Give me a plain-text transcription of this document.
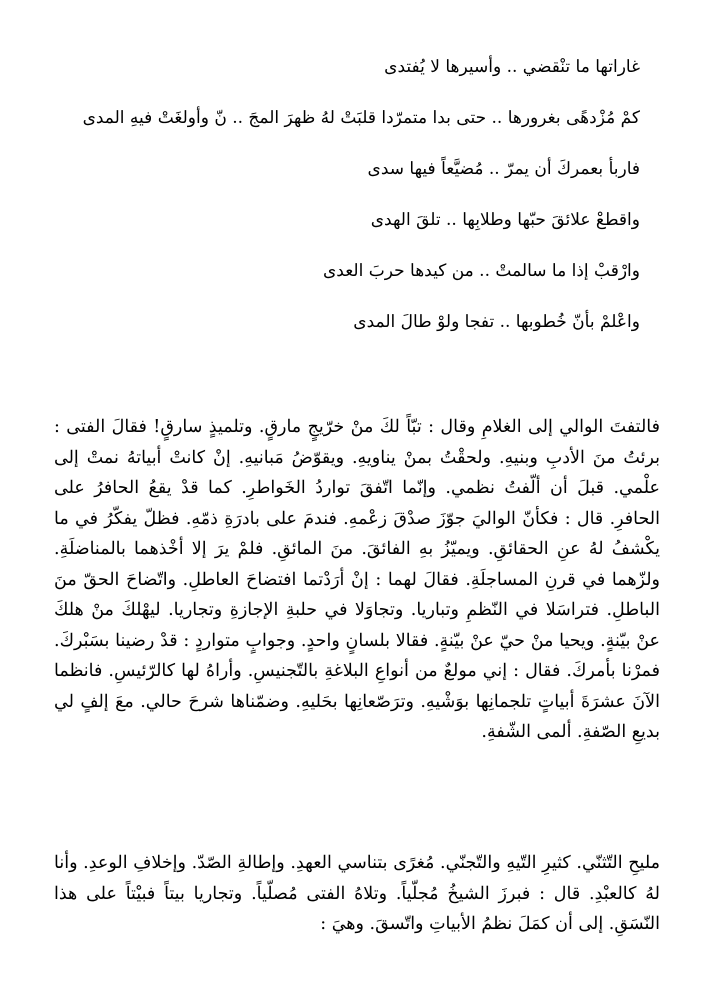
غاراتها ما تنْقضي .. وأسيرها لا يُفتدى
كمْ مُزْدهًى بغرورها .. حتى بدا متمرّدا قلبَتْ لهُ ظهرَ المجَ .. نّ وأولغَتْ فيهِ المدى
فاربأ بعمركَ أن يمرّ .. مُضيَّعاً فيها سدى
واقطعْ علائقَ حبّها وطلابِها .. تلقَ الهدى
وارْقبْ إذا ما سالمتْ .. من كيدها حربَ العدى
واعْلمْ بأنّ خُطوبها .. تفجا ولوْ طالَ المدى

فالتفتَ الوالي إلى الغلامِ وقال : تبّاً لكَ منْ خرّيجٍ مارقٍ. وتلميذٍ سارقٍ! فقالَ الفتى : برئتُ منَ الأدبِ وبنيهِ. ولحقْتُ بمنْ يناويهِ. ويقوّضُ مَبانيهِ. إنْ كانتْ أبياتهُ نمتْ إلى علْمي. قبلَ أن ألّفتُ نظمي. وإنّما اتّفقَ تواردُ الخَواطرِ. كما قدْ يقعُ الحافرُ على الحافرِ. قال : فكأنّ الواليَ جوّزَ صدْقَ زعْمهِ. فندمَ على بادرَةِ ذمّهِ. فظلّ يفكّرُ في ما يكْشفُ لهُ عنِ الحقائقِ. ويميّزُ بهِ الفائقَ. منَ المائقِ. فلمْ يرَ إلا أخْذهما بالمناضلَةِ. ولزّهما في قرنِ المساجلَةِ. فقالَ لهما : إنْ أرَدْتما افتضاحَ العاطلِ. واتّضاحَ الحقّ منَ الباطلِ. فتراسَلا في النّظمِ وتباريا. وتجاوَلا في حلبةِ الإجازةِ وتجاريا. ليهْلكَ منْ هلكَ عنْ بيّنةٍ. ويحيا منْ حيّ عنْ بيّنةٍ. فقالا بلسانٍ واحدٍ. وجوابٍ متواردٍ : قدْ رضينا بسَبْركَ. فمرْنا بأمركَ. فقال : إني مولعٌ من أنواعِ البلاغةِ بالتّجنيسِ. وأراهُ لها كالرّئيسِ. فانظما الآنَ عشرَةَ أبياتٍ تلجمانِها بوَشْيهِ. وترَصّعانِها بحَليهِ. وضمّناها شرحَ حالي. معَ إلفٍ لي بديعِ الصّفةِ. ألمى الشّفةِ.

مليحِ التّثنّي. كثيرِ التّيهِ والتّجنّي. مُغرًى بتناسي العهدِ. وإطالةِ الصّدّ. وإخلافِ الوعدِ. وأنا لهُ كالعبْدِ. قال : فبرزَ الشيخُ مُجلّياً. وتلاهُ الفتى مُصلّياً. وتجاريا بيتاً فبيْتاً على هذا النّسَقِ. إلى أن كمَلَ نظمُ الأبياتِ واتّسقَ. وهيَ :
